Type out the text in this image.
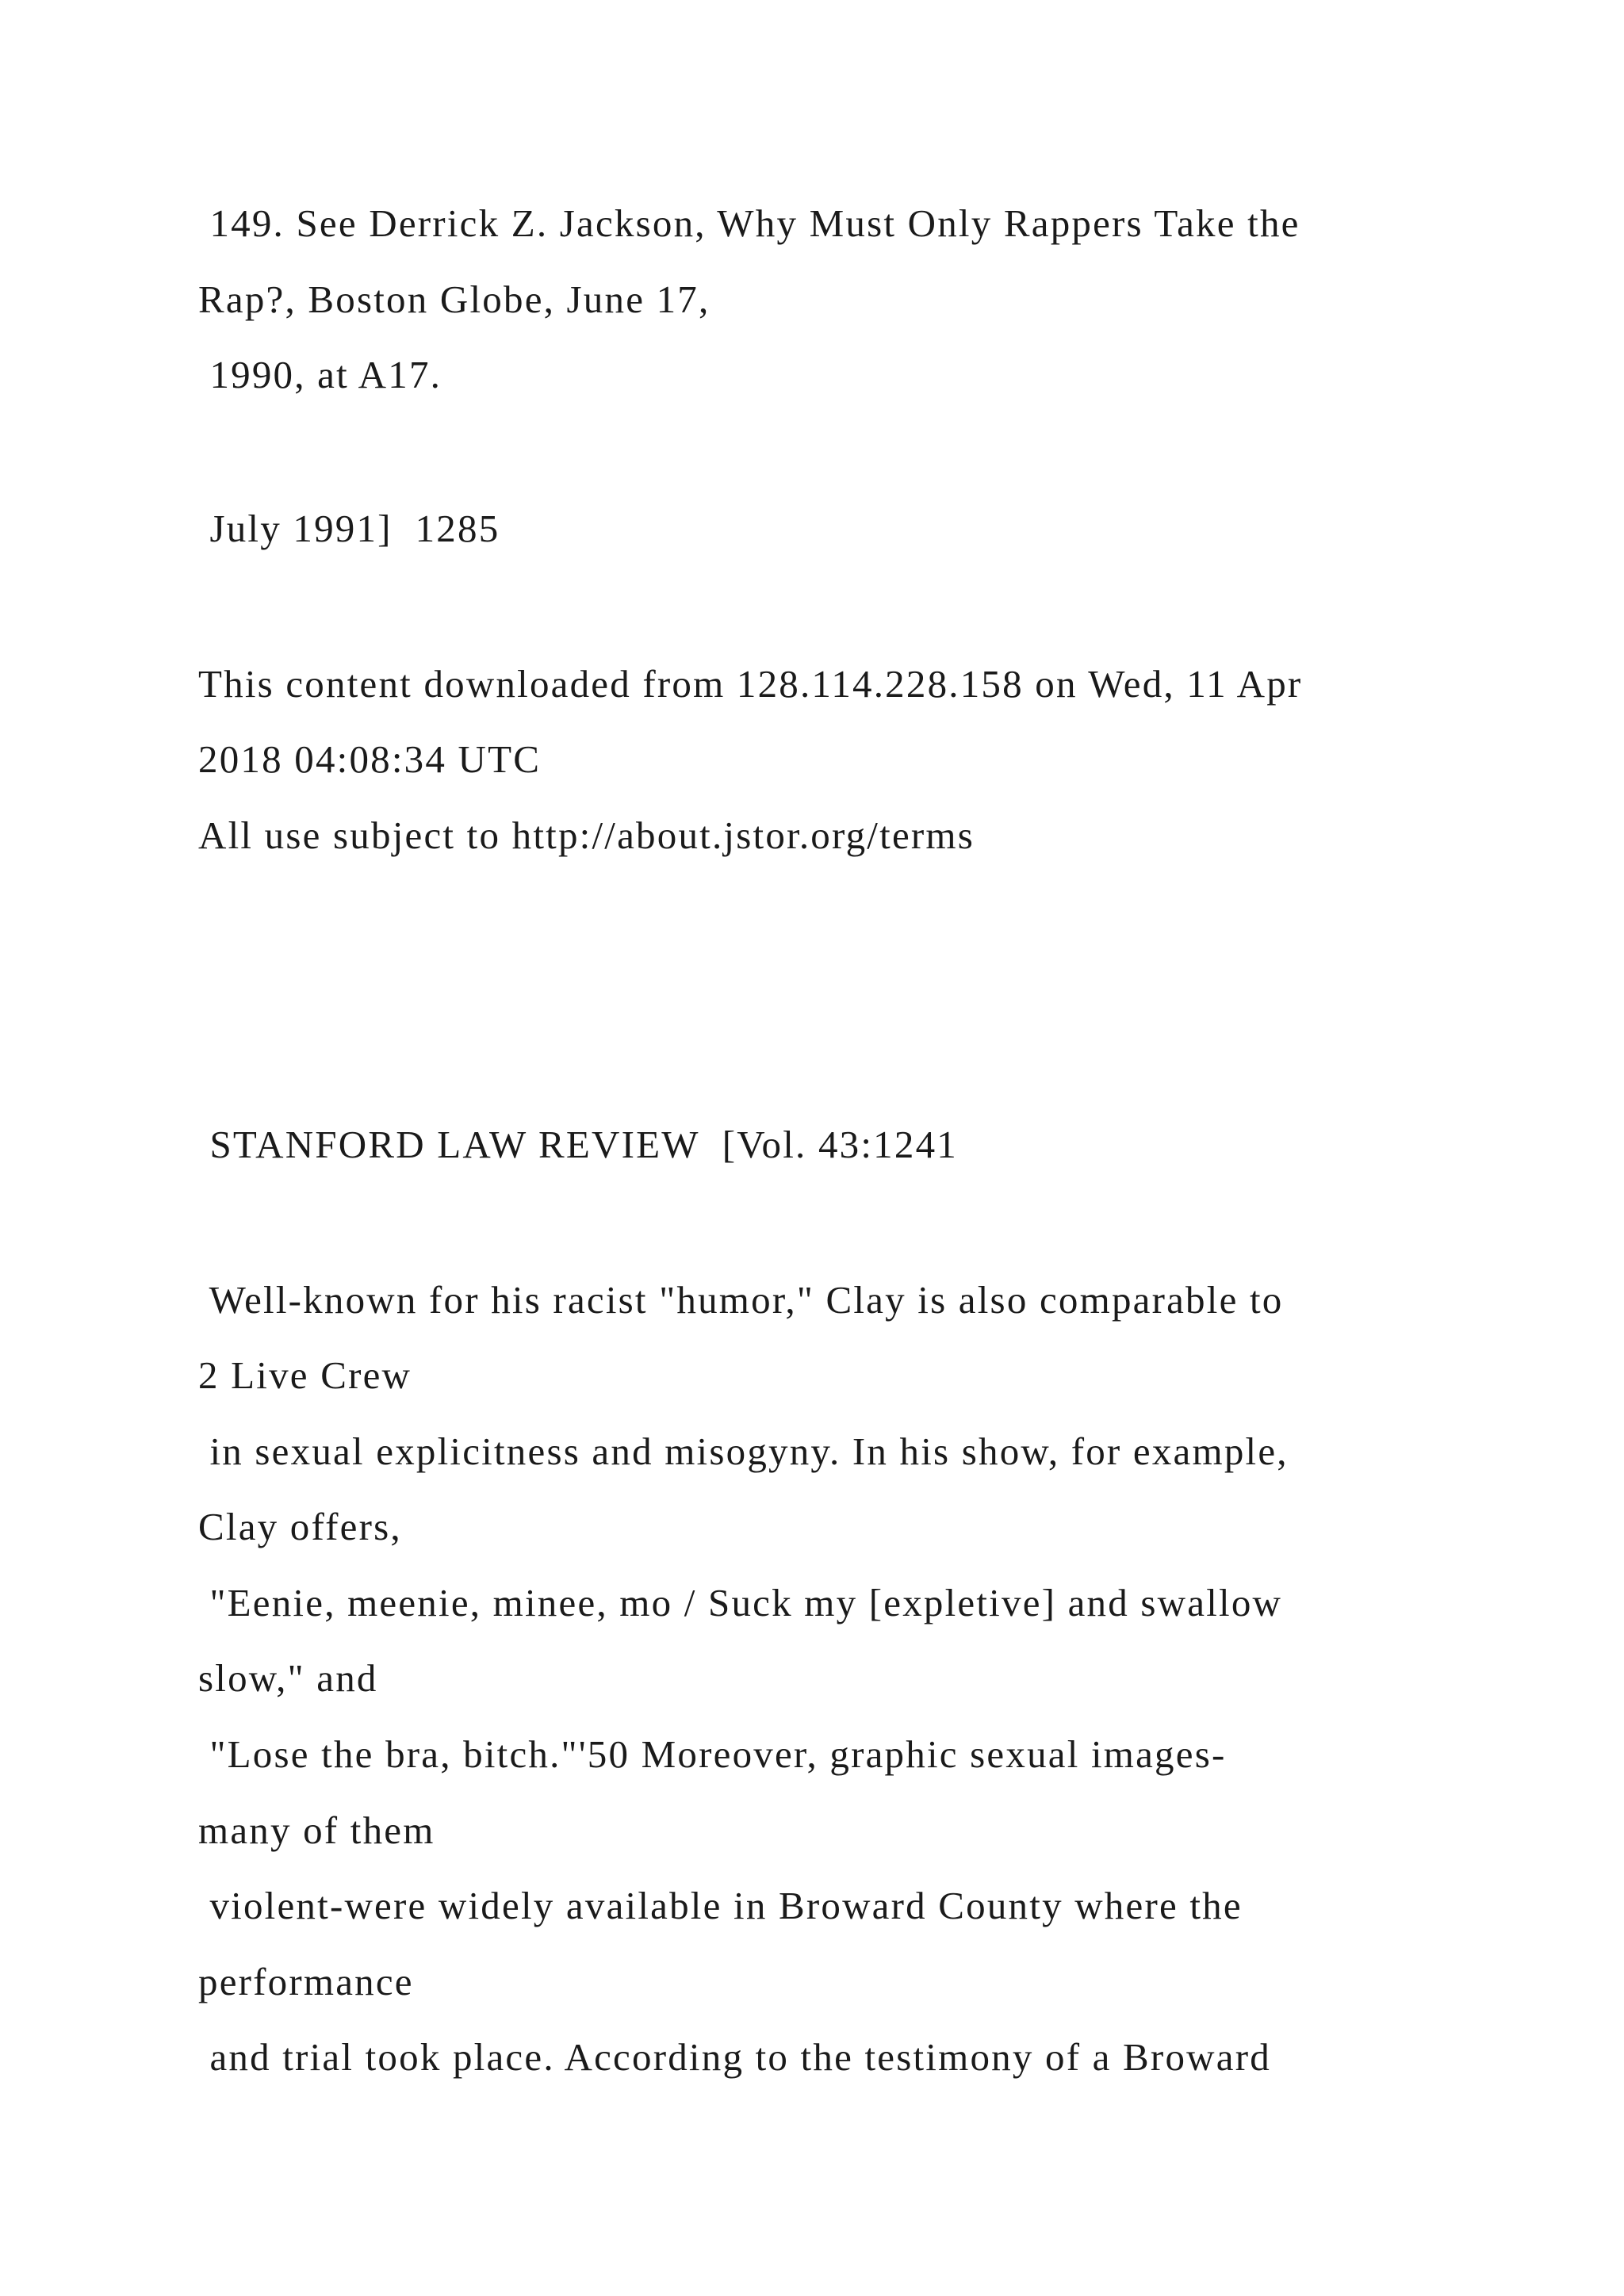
149. See Derrick Z. Jackson, Why Must Only Rappers Take the
Rap?, Boston Globe, June 17,
1990, at A17.
July 1991]  1285
This content downloaded from 128.114.228.158 on Wed, 11 Apr
2018 04:08:34 UTC
All use subject to http://about.jstor.org/terms
STANFORD LAW REVIEW  [Vol. 43:1241
Well-known for his racist "humor," Clay is also comparable to
2 Live Crew
in sexual explicitness and misogyny. In his show, for example,
Clay offers,
"Eenie, meenie, minee, mo / Suck my [expletive] and swallow
slow," and
"Lose the bra, bitch."'50 Moreover, graphic sexual images-
many of them
violent-were widely available in Broward County where the
performance
and trial took place. According to the testimony of a Broward
